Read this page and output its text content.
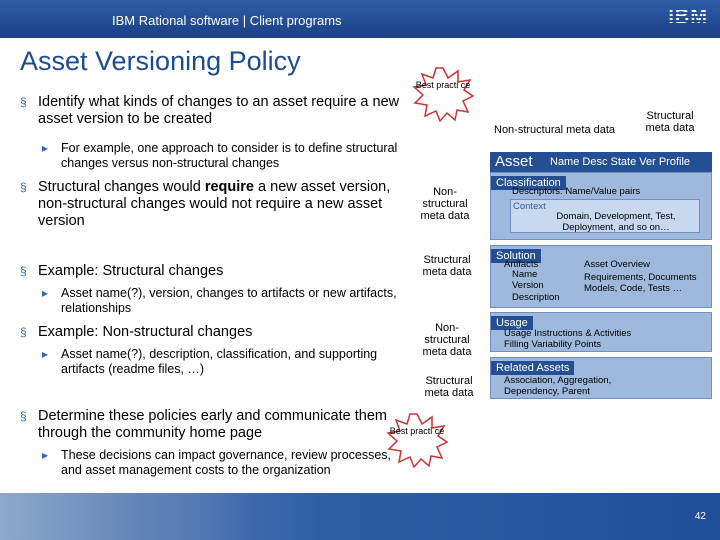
IBM Rational software | Client programs	IBM
Asset Versioning Policy
§ Identify what kinds of changes to an asset require a new asset version to be created
▸ For example, one approach to consider is to define structural changes versus non-structural changes
§ Structural changes would require a new asset version, non-structural changes would not require a new asset version
§ Example: Structural changes
▸ Asset name(?), version, changes to artifacts or new artifacts, relationships
§ Example: Non-structural changes
▸ Asset name(?), description, classification, and supporting artifacts (readme files, …)
§ Determine these policies early and communicate them through the community home page
▸ These decisions can impact governance, review processes, and asset management costs to the organization
Best practi ce
Best practi ce
Non-structural meta data
Structural meta data
Non-structural meta data
Structural meta data
Non-structural meta data
Structural meta data
Asset Name Desc State Ver Profile
Classification
Descriptors: Name/Value pairs
Context
Domain, Development, Test, Deployment, and so on…
Solution
Artifacts
Name
Version
Description
Asset Overview
Requirements, Documents Models, Code, Tests …
Usage
Usage Instructions & Activities Filling Variability Points
Related Assets
Association, Aggregation, Dependency, Parent
42
